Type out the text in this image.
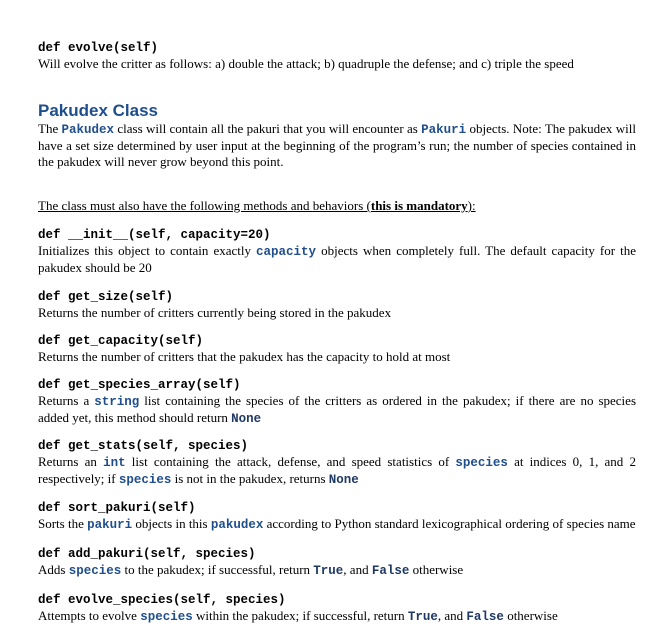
def evolve(self)
Will evolve the critter as follows: a) double the attack; b) quadruple the defense; and c) triple the speed
Pakudex Class
The Pakudex class will contain all the pakuri that you will encounter as Pakuri objects. Note: The pakudex will have a set size determined by user input at the beginning of the program’s run; the number of species contained in the pakudex will never grow beyond this point.
The class must also have the following methods and behaviors (this is mandatory):
def __init__(self, capacity=20)
Initializes this object to contain exactly capacity objects when completely full. The default capacity for the pakudex should be 20
def get_size(self)
Returns the number of critters currently being stored in the pakudex
def get_capacity(self)
Returns the number of critters that the pakudex has the capacity to hold at most
def get_species_array(self)
Returns a string list containing the species of the critters as ordered in the pakudex; if there are no species added yet, this method should return None
def get_stats(self, species)
Returns an int list containing the attack, defense, and speed statistics of species at indices 0, 1, and 2 respectively; if species is not in the pakudex, returns None
def sort_pakuri(self)
Sorts the pakuri objects in this pakudex according to Python standard lexicographical ordering of species name
def add_pakuri(self, species)
Adds species to the pakudex; if successful, return True, and False otherwise
def evolve_species(self, species)
Attempts to evolve species within the pakudex; if successful, return True, and False otherwise
